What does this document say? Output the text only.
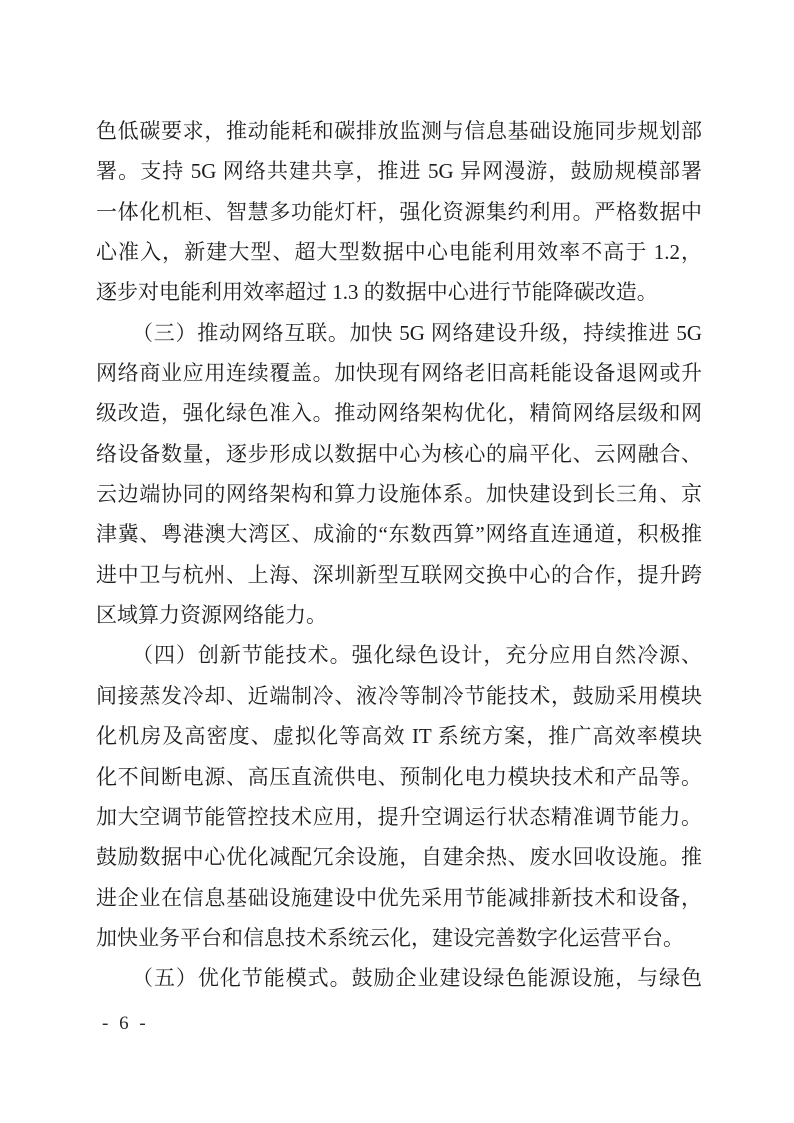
色低碳要求，推动能耗和碳排放监测与信息基础设施同步规划部

署。支持 5G 网络共建共享，推进 5G 异网漫游，鼓励规模部署

一体化机柜、智慧多功能灯杆，强化资源集约利用。严格数据中

心准入，新建大型、超大型数据中心电能利用效率不高于 1.2，

逐步对电能利用效率超过 1.3 的数据中心进行节能降碳改造。

（三）推动网络互联。加快 5G 网络建设升级，持续推进 5G

网络商业应用连续覆盖。加快现有网络老旧高耗能设备退网或升

级改造，强化绿色准入。推动网络架构优化，精简网络层级和网

络设备数量，逐步形成以数据中心为核心的扁平化、云网融合、

云边端协同的网络架构和算力设施体系。加快建设到长三角、京

津冀、粤港澳大湾区、成渝的“东数西算”网络直连通道，积极推

进中卫与杭州、上海、深圳新型互联网交换中心的合作，提升跨

区域算力资源网络能力。

（四）创新节能技术。强化绿色设计，充分应用自然冷源、

间接蒸发冷却、近端制冷、液冷等制冷节能技术，鼓励采用模块

化机房及高密度、虚拟化等高效 IT 系统方案，推广高效率模块

化不间断电源、高压直流供电、预制化电力模块技术和产品等。

加大空调节能管控技术应用，提升空调运行状态精准调节能力。

鼓励数据中心优化减配冗余设施，自建余热、废水回收设施。推

进企业在信息基础设施建设中优先采用节能减排新技术和设备，

加快业务平台和信息技术系统云化，建设完善数字化运营平台。

（五）优化节能模式。鼓励企业建设绿色能源设施，与绿色

- 6 -
